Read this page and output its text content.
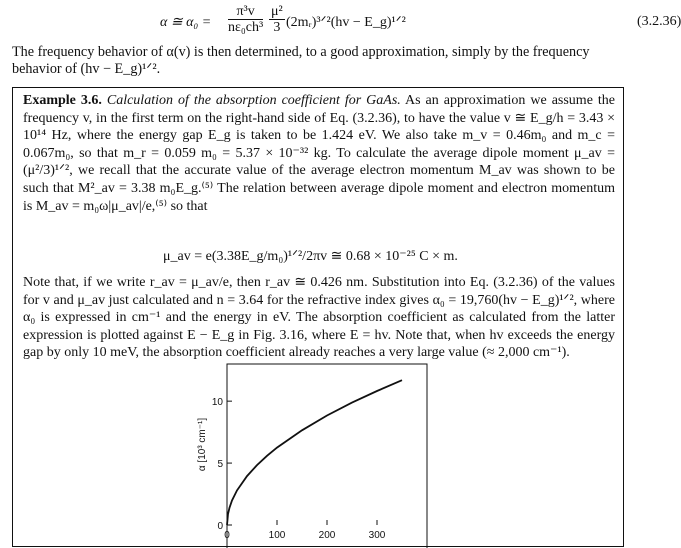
α ≅ $\alpha_0 = \frac{\text{π³v}}{\text{nε₀ch³}} \frac{\text{μ²}}{3}$ (2mᵣ)³ᐟ²(hv − E_g)¹ᐟ²	(3.2.36)
The frequency behavior of α(v) is then determined, to a good approximation, simply by the frequency behavior of (hv − E_g)¹ᐟ².
Example 3.6. Calculation of the absorption coefficient for GaAs. As an approximation we assume the frequency v, in the first term on the right-hand side of Eq. (3.2.36), to have the value v ≅ E_g/h = 3.43 × 10¹⁴ Hz, where the energy gap E_g is taken to be 1.424 eV. We also take m_v = 0.46m₀ and m_c = 0.067m₀, so that m_r = 0.059 m₀ = 5.37 × 10⁻³² kg. To calculate the average dipole moment μ_av = (μ²/3)¹ᐟ², we recall that the accurate value of the average electron momentum M_av was shown to be such that M²_av = 3.38 m₀E_g.⁽⁵⁾ The relation between average dipole moment and electron momentum is M_av = m₀ω|μ_av|/e,⁽⁵⁾ so that
μ_av = e(3.38E_g/m₀)¹ᐟ²/2πv ≅ 0.68 × 10⁻²⁵ C × m.
Note that, if we write r_av = μ_av/e, then r_av ≅ 0.426 nm. Substitution into Eq. (3.2.36) of the values for v and μ_av just calculated and n = 3.64 for the refractive index gives α₀ = 19,760(hv − E_g)¹ᐟ², where α₀ is expressed in cm⁻¹ and the energy in eV. The absorption coefficient as calculated from the latter expression is plotted against E − E_g in Fig. 3.16, where E = hv. Note that, when hv exceeds the energy gap by only 10 meV, the absorption coefficient already reaches a very large value (≈ 2,000 cm⁻¹).
0
5
10
0	100	200	300
α [10³ cm⁻¹]
